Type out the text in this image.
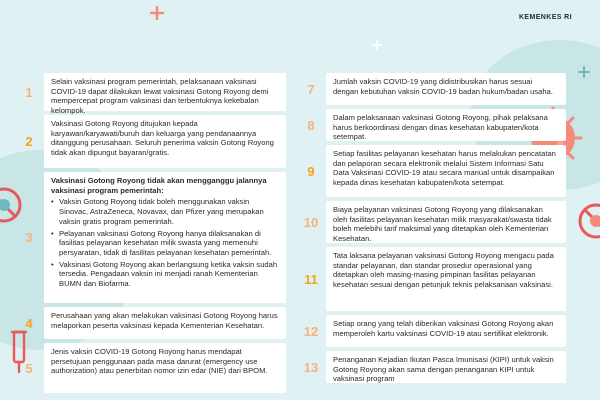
KEMENKES RI
1
Selain vaksinasi program pemerintah, pelaksanaan vaksinasi COVID-19 dapat dilakukan lewat vaksinasi Gotong Royong demi mempercepat program vaksinasi dan terbentuknya kekebalan kelompok.
2
Vaksinasi Gotong Royong ditujukan kepada karyawan/karyawati/buruh dan keluarga yang pendanaannya ditanggung perusahaan. Seluruh penerima vaksin Gotong Royong tidak akan dipungut bayaran/gratis.
3
Vaksinasi Gotong Royong tidak akan mengganggu jalannya vaksinasi program pemerintah:
• Vaksin Gotong Royong tidak boleh menggunakan vaksin Sinovac, AstraZeneca, Novavax, dan Pfizer yang merupakan vaksin gratis program pemerintah.
• Pelayanan vaksinasi Gotong Royong hanya dilaksanakan di fasilitas pelayanan kesehatan milik swasta yang memenuhi persyaratan, tidak di fasilitas pelayanan kesehatan pemerintah.
• Vaksinasi Gotong Royong akan berlangsung ketika vaksin sudah tersedia. Pengadaan vaksin ini menjadi ranah Kementerian BUMN dan Biofarma.
4	Perusahaan yang akan melakukan vaksinasi Gotong Royong harus melaporkan peserta vaksinasi kepada Kementerian Kesehatan.
5
Jenis vaksin COVID-19 Gotong Royong harus mendapat persetujuan penggunaan pada masa darurat (emergency use authorization) atau penerbitan nomor izin edar (NIE) dari BPOM.
7	Jumlah vaksin COVID-19 yang didistribusikan harus sesuai dengan kebutuhan vaksin COVID-19 badan hukum/badan usaha.
8	Dalam pelaksanaan vaksinasi Gotong Royong, pihak pelaksana harus berkoordinasi dengan dinas kesehatan kabupaten/kota setempat.
9
Setiap fasilitas pelayanan kesehatan harus melakukan pencatatan dan pelaporan secara elektronik melalui Sistem Informasi Satu Data Vaksinasi COVID-19 atau secara manual untuk disampaikan kepada dinas kesehatan kabupaten/kota setempat.
10
Biaya pelayanan vaksinasi Gotong Royong yang dilaksanakan oleh fasilitas pelayanan kesehatan milik masyarakat/swasta tidak boleh melebihi tarif maksimal yang ditetapkan oleh Kementerian Kesehatan.
11
Tata laksana pelayanan vaksinasi Gotong Royong mengacu pada standar pelayanan, dan standar prosedur operasional yang ditetapkan oleh masing-masing pimpinan fasilitas pelayanan kesehatan sesuai dengan petunjuk teknis pelaksanaan vaksinasi.
12	Setiap orang yang telah diberikan vaksinasi Gotong Royong akan memperoleh kartu vaksinasi COVID-19 atau sertifikat elektronik.
13	Penanganan Kejadian Ikutan Pasca Imunisasi (KIPI) untuk vaksin Gotong Royong akan sama dengan penanganan KIPI untuk vaksinasi program
